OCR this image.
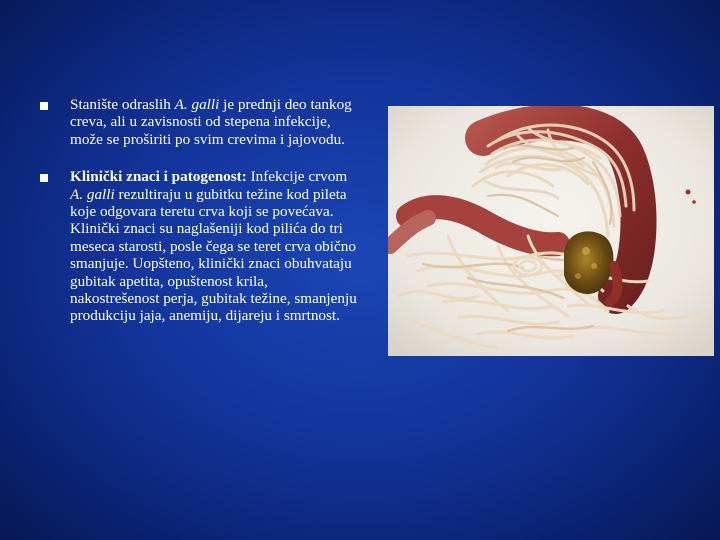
Stanište odraslih A. galli je prednji deo tankog creva, ali u zavisnosti od stepena infekcije, može se proširiti po svim crevima i jajovodu.
Klinički znaci i patogenost: Infekcije crvom A. galli rezultiraju u gubitku težine kod pileta koje odgovara teretu crva koji se povećava. Klinički znaci su naglašeniji kod pilića do tri meseca starosti, posle čega se teret crva obično smanjuje. Uopšteno, klinički znaci obuhvataju gubitak apetita, opuštenost krila, nakostrešenost perja, gubitak težine, smanjenju produkciju jaja, anemiju, dijareju i smrtnost.
